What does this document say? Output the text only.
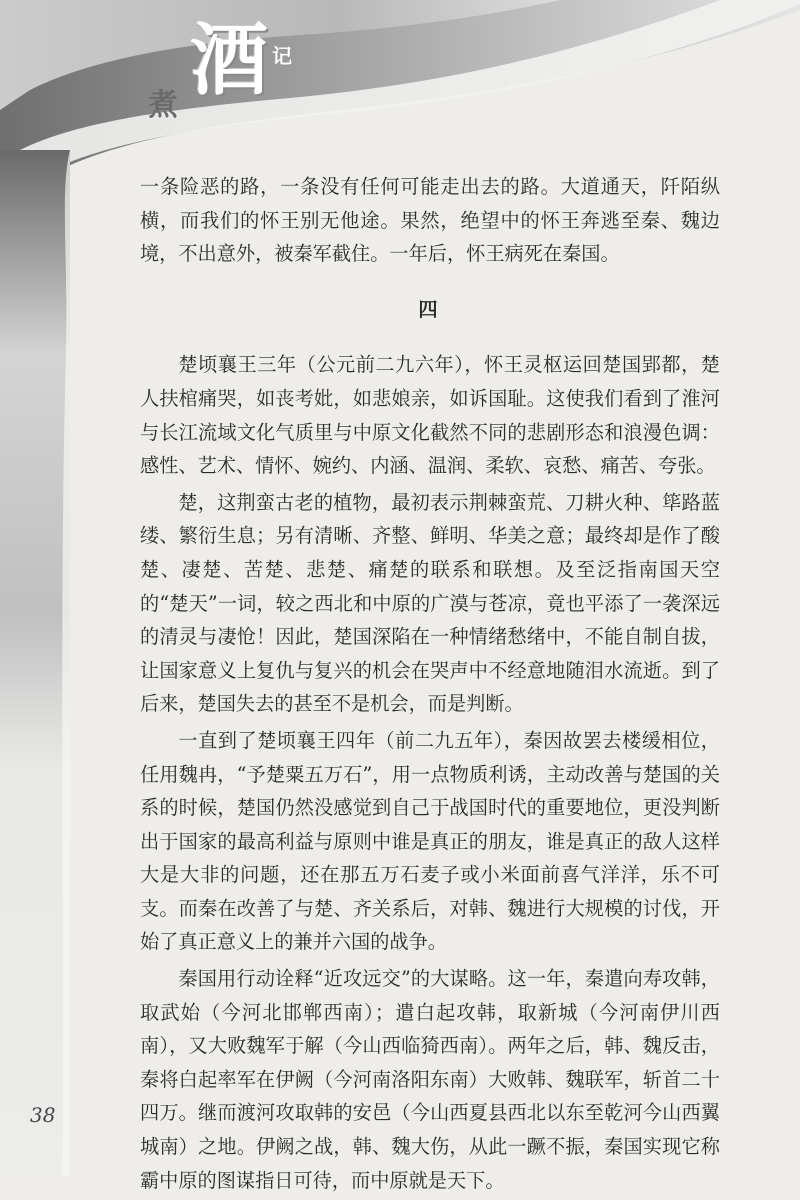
煮 酒 记

一条险恶的路，一条没有任何可能走出去的路。大道通天，阡陌纵横，而我们的怀王别无他途。果然，绝望中的怀王奔逃至秦、魏边境，不出意外，被秦军截住。一年后，怀王病死在秦国。

四

楚顷襄王三年（公元前二九六年），怀王灵枢运回楚国郢都，楚人扶棺痛哭，如丧考妣，如悲娘亲，如诉国耻。这使我们看到了淮河与长江流域文化气质里与中原文化截然不同的悲剧形态和浪漫色调：感性、艺术、情怀、婉约、内涵、温润、柔软、哀愁、痛苦、夸张。

楚，这荆蛮古老的植物，最初表示荆棘蛮荒、刀耕火种、筚路蓝缕、繁衍生息；另有清晰、齐整、鲜明、华美之意；最终却是作了酸楚、凄楚、苦楚、悲楚、痛楚的联系和联想。及至泛指南国天空的“楚天”一词，较之西北和中原的广漠与苍凉，竟也平添了一袭深远的清灵与凄怆！因此，楚国深陷在一种情绪愁绪中，不能自制自拔，让国家意义上复仇与复兴的机会在哭声中不经意地随泪水流逝。到了后来，楚国失去的甚至不是机会，而是判断。

一直到了楚顷襄王四年（前二九五年），秦因故罢去楼缓相位，任用魏冉，“予楚粟五万石”，用一点物质利诱，主动改善与楚国的关系的时候，楚国仍然没感觉到自己于战国时代的重要地位，更没判断出于国家的最高利益与原则中谁是真正的朋友，谁是真正的敌人这样大是大非的问题，还在那五万石麦子或小米面前喜气洋洋，乐不可支。而秦在改善了与楚、齐关系后，对韩、魏进行大规模的讨伐，开始了真正意义上的兼并六国的战争。

秦国用行动诠释“近攻远交”的大谋略。这一年，秦遣向寿攻韩，取武始（今河北邯郸西南）；遣白起攻韩，取新城（今河南伊川西南），又大败魏军于解（今山西临猗西南）。两年之后，韩、魏反击，秦将白起率军在伊阙（今河南洛阳东南）大败韩、魏联军，斩首二十四万。继而渡河攻取韩的安邑（今山西夏县西北以东至乾河今山西翼城南）之地。伊阙之战，韩、魏大伤，从此一蹶不振，秦国实现它称霸中原的图谋指日可待，而中原就是天下。

38
